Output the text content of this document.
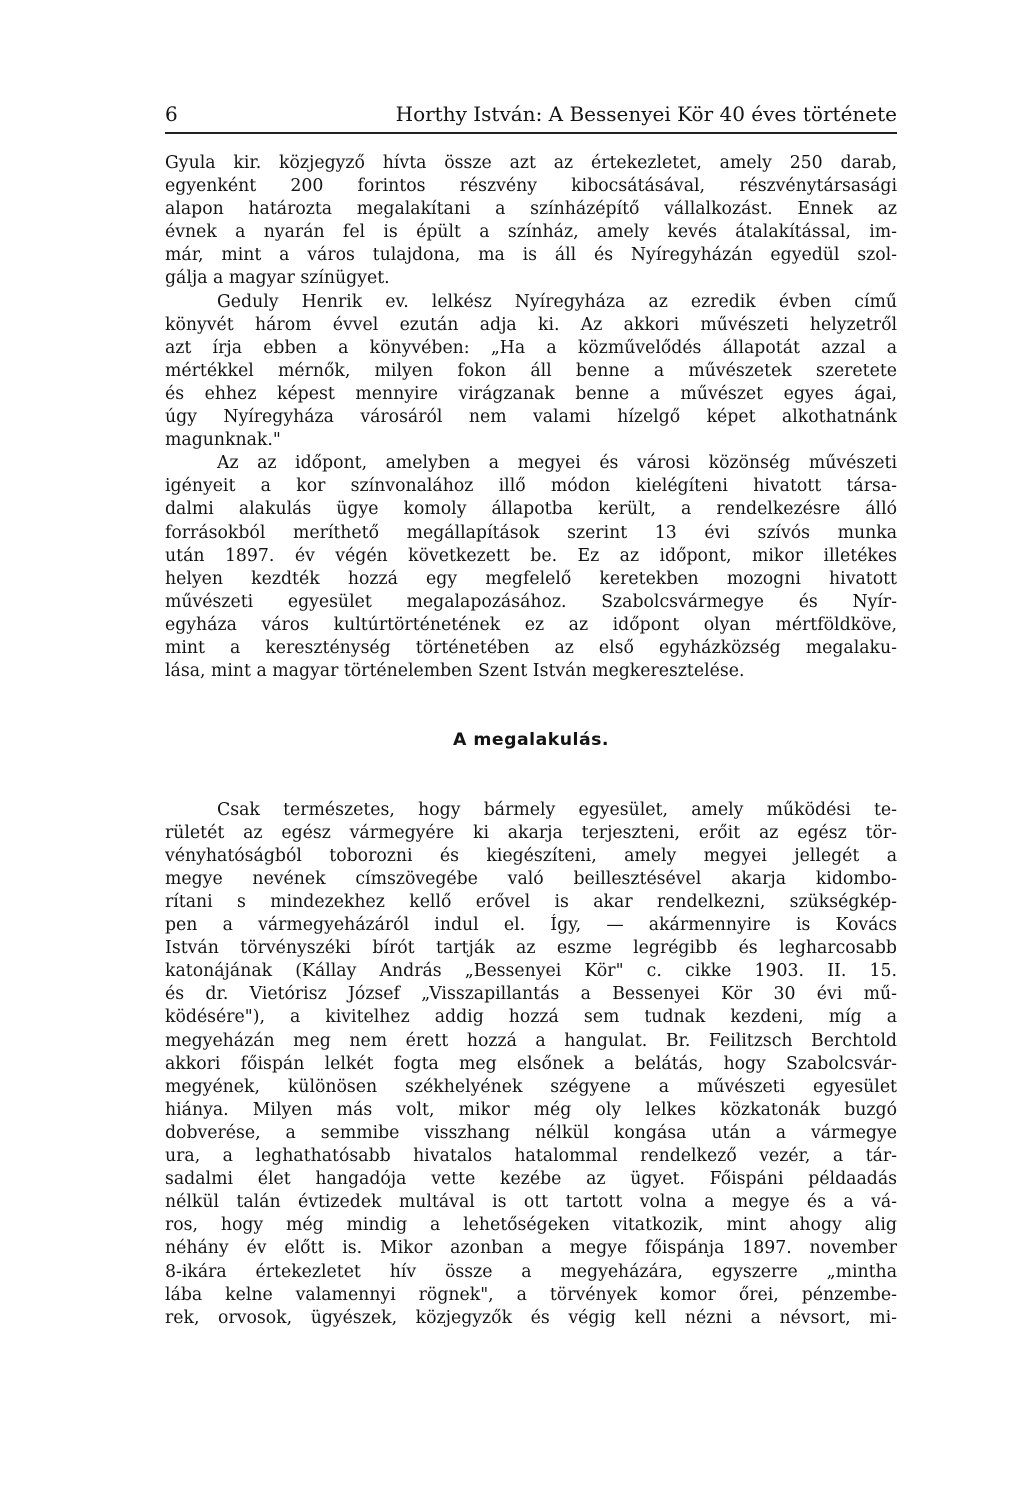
6	Horthy István: A Bessenyei Kör 40 éves története
Gyula kir. közjegyző hívta össze azt az értekezletet, amely 250 darab,
egyenként 200 forintos részvény kibocsátásával, részvénytársasági
alapon határozta megalakítani a színházépítő vállalkozást. Ennek az
évnek a nyarán fel is épült a színház, amely kevés átalakítással, im-
már, mint a város tulajdona, ma is áll és Nyíregyházán egyedül szol-
gálja a magyar színügyet.
Geduly Henrik ev. lelkész Nyíregyháza az ezredik évben című
könyvét három évvel ezután adja ki. Az akkori művészeti helyzetről
azt írja ebben a könyvében: „Ha a közművelődés állapotát azzal a
mértékkel mérnők, milyen fokon áll benne a művészetek szeretete
és ehhez képest mennyire virágzanak benne a művészet egyes ágai,
úgy Nyíregyháza városáról nem valami hízelgő képet alkothatnánk
magunknak."
Az az időpont, amelyben a megyei és városi közönség művészeti
igényeit a kor színvonalához illő módon kielégíteni hivatott társa-
dalmi alakulás ügye komoly állapotba került, a rendelkezésre álló
forrásokból meríthető megállapítások szerint 13 évi szívós munka
után 1897. év végén következett be. Ez az időpont, mikor illetékes
helyen kezdték hozzá egy megfelelő keretekben mozogni hivatott
művészeti egyesület megalapozásához. Szabolcsvármegye és Nyír-
egyháza város kultúrtörténetének ez az időpont olyan mértföldköve,
mint a kereszténység történetében az első egyházközség megalaku-
lása, mint a magyar történelemben Szent István megkeresztelése.
A megalakulás.
Csak természetes, hogy bármely egyesület, amely működési te-
rületét az egész vármegyére ki akarja terjeszteni, erőit az egész tör-
vényhatóságból toborozni és kiegészíteni, amely megyei jellegét a
megye nevének címszövegébe való beillesztésével akarja kidombo-
rítani s mindezekhez kellő erővel is akar rendelkezni, szükségkép-
pen a vármegyeházáról indul el. Így, — akármennyire is Kovács
István törvényszéki bírót tartják az eszme legrégibb és legharcosabb
katonájának (Kállay András „Bessenyei Kör" c. cikke 1903. II. 15.
és dr. Vietórisz József „Visszapillantás a Bessenyei Kör 30 évi mű-
ködésére"), a kivitelhez addig hozzá sem tudnak kezdeni, míg a
megyeházán meg nem érett hozzá a hangulat. Br. Feilitzsch Berchtold
akkori főispán lelkét fogta meg elsőnek a belátás, hogy Szabolcsvár-
megyének, különösen székhelyének szégyene a művészeti egyesület
hiánya. Milyen más volt, mikor még oly lelkes közkatonák buzgó
dobverése, a semmibe visszhang nélkül kongása után a vármegye
ura, a leghathatósabb hivatalos hatalommal rendelkező vezér, a tár-
sadalmi élet hangadója vette kezébe az ügyet. Főispáni példaadás
nélkül talán évtizedek multával is ott tartott volna a megye és a vá-
ros, hogy még mindig a lehetőségeken vitatkozik, mint ahogy alig
néhány év előtt is. Mikor azonban a megye főispánja 1897. november
8-ikára értekezletet hív össze a megyeházára, egyszerre „mintha
lába kelne valamennyi rögnek", a törvények komor őrei, pénzembe-
rek, orvosok, ügyészek, közjegyzők és végig kell nézni a névsort, mi-
